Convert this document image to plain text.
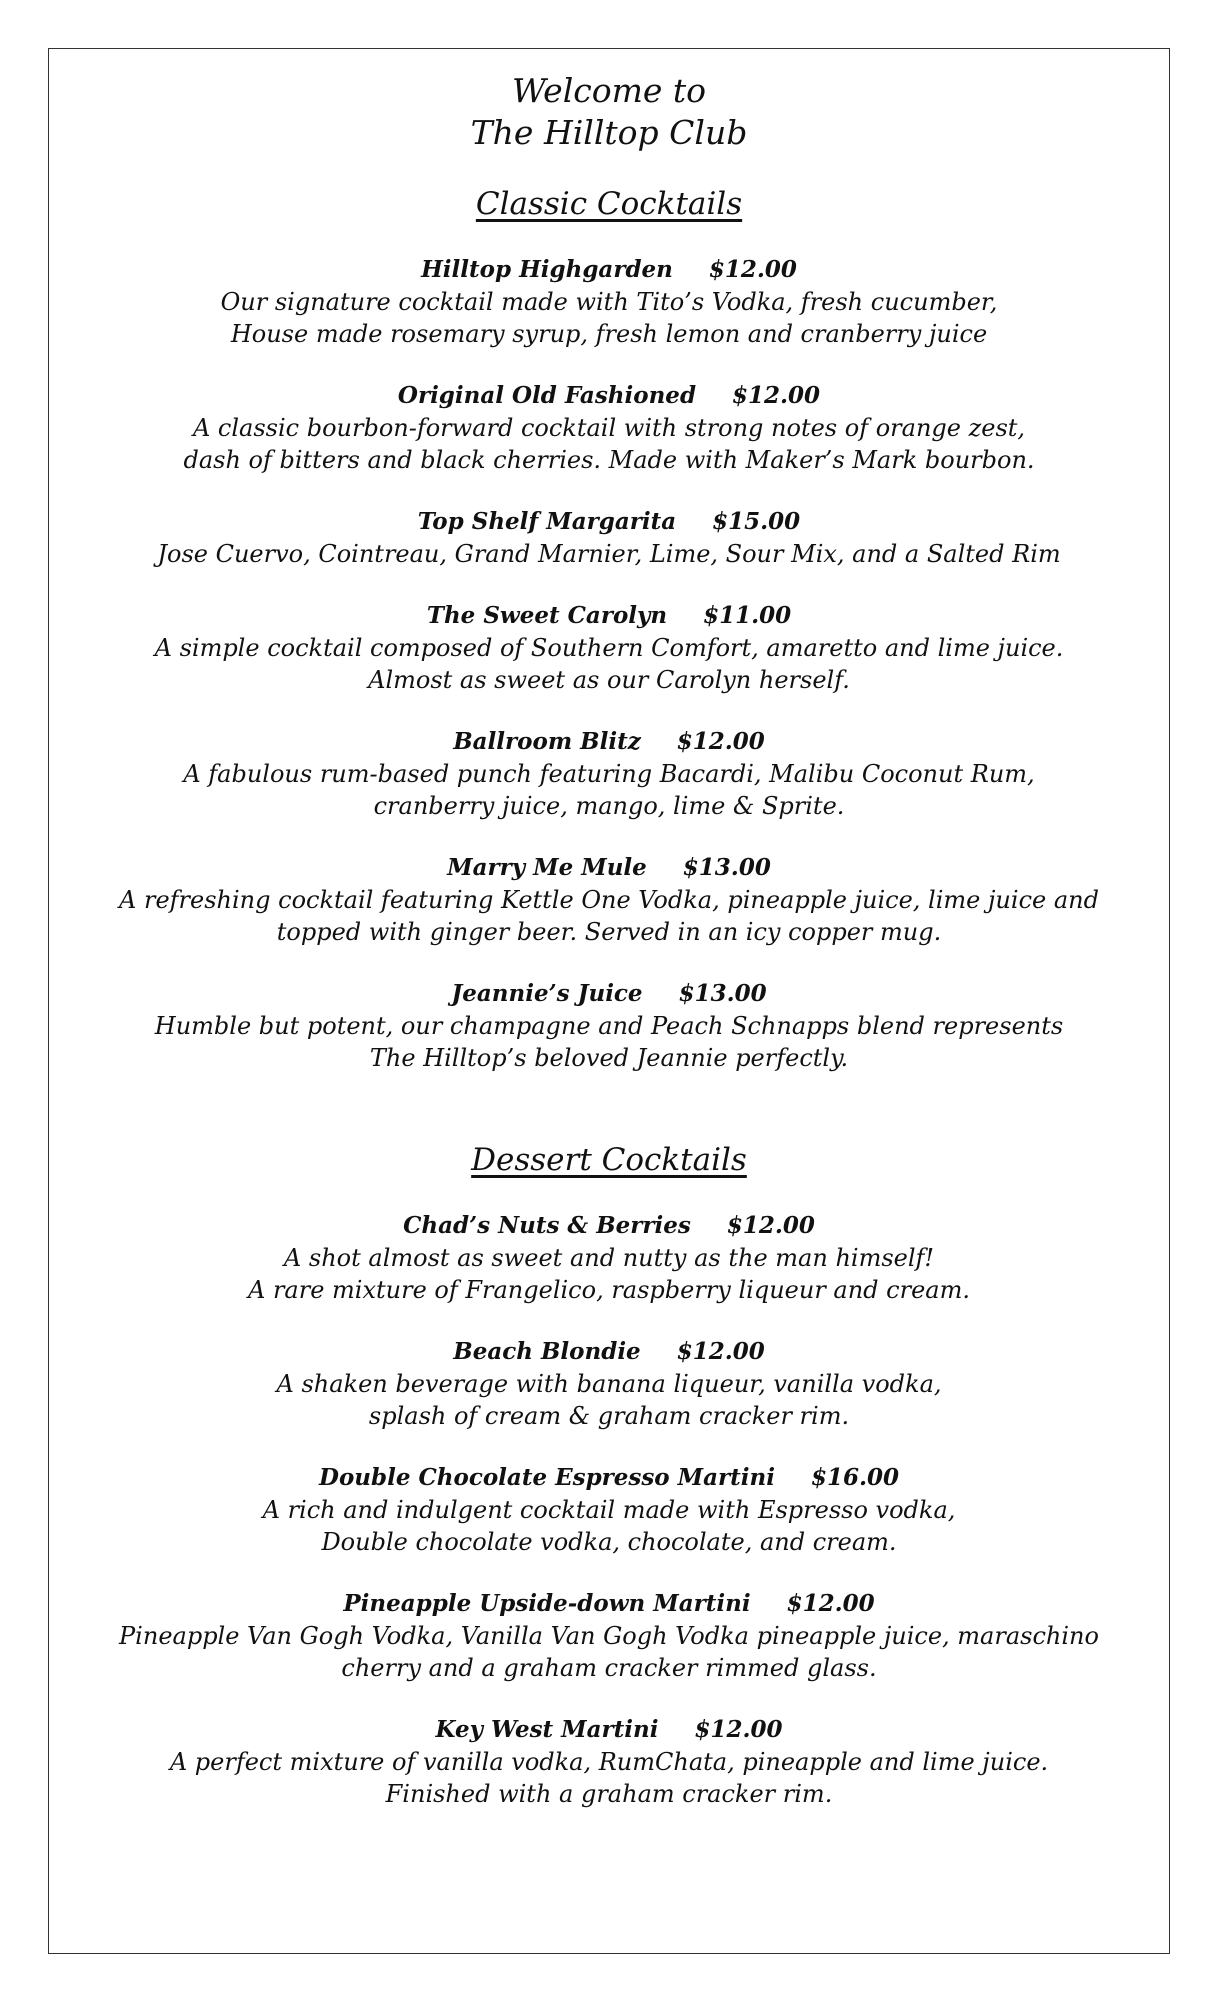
Welcome to
The Hilltop Club
Classic Cocktails
Hilltop Highgarden $12.00
Our signature cocktail made with Tito’s Vodka, fresh cucumber,
House made rosemary syrup, fresh lemon and cranberry juice
Original Old Fashioned $12.00
A classic bourbon-forward cocktail with strong notes of orange zest,
dash of bitters and black cherries. Made with Maker’s Mark bourbon.
Top Shelf Margarita $15.00
Jose Cuervo, Cointreau, Grand Marnier, Lime, Sour Mix, and a Salted Rim
The Sweet Carolyn $11.00
A simple cocktail composed of Southern Comfort, amaretto and lime juice.
Almost as sweet as our Carolyn herself.
Ballroom Blitz $12.00
A fabulous rum-based punch featuring Bacardi, Malibu Coconut Rum,
cranberry juice, mango, lime & Sprite.
Marry Me Mule $13.00
A refreshing cocktail featuring Kettle One Vodka, pineapple juice, lime juice and
topped with ginger beer. Served in an icy copper mug.
Jeannie’s Juice $13.00
Humble but potent, our champagne and Peach Schnapps blend represents
The Hilltop’s beloved Jeannie perfectly.
Dessert Cocktails
Chad’s Nuts & Berries $12.00
A shot almost as sweet and nutty as the man himself!
A rare mixture of Frangelico, raspberry liqueur and cream.
Beach Blondie $12.00
A shaken beverage with banana liqueur, vanilla vodka,
splash of cream & graham cracker rim.
Double Chocolate Espresso Martini $16.00
A rich and indulgent cocktail made with Espresso vodka,
Double chocolate vodka, chocolate, and cream.
Pineapple Upside-down Martini $12.00
Pineapple Van Gogh Vodka, Vanilla Van Gogh Vodka pineapple juice, maraschino
cherry and a graham cracker rimmed glass.
Key West Martini $12.00
A perfect mixture of vanilla vodka, RumChata, pineapple and lime juice.
Finished with a graham cracker rim.
